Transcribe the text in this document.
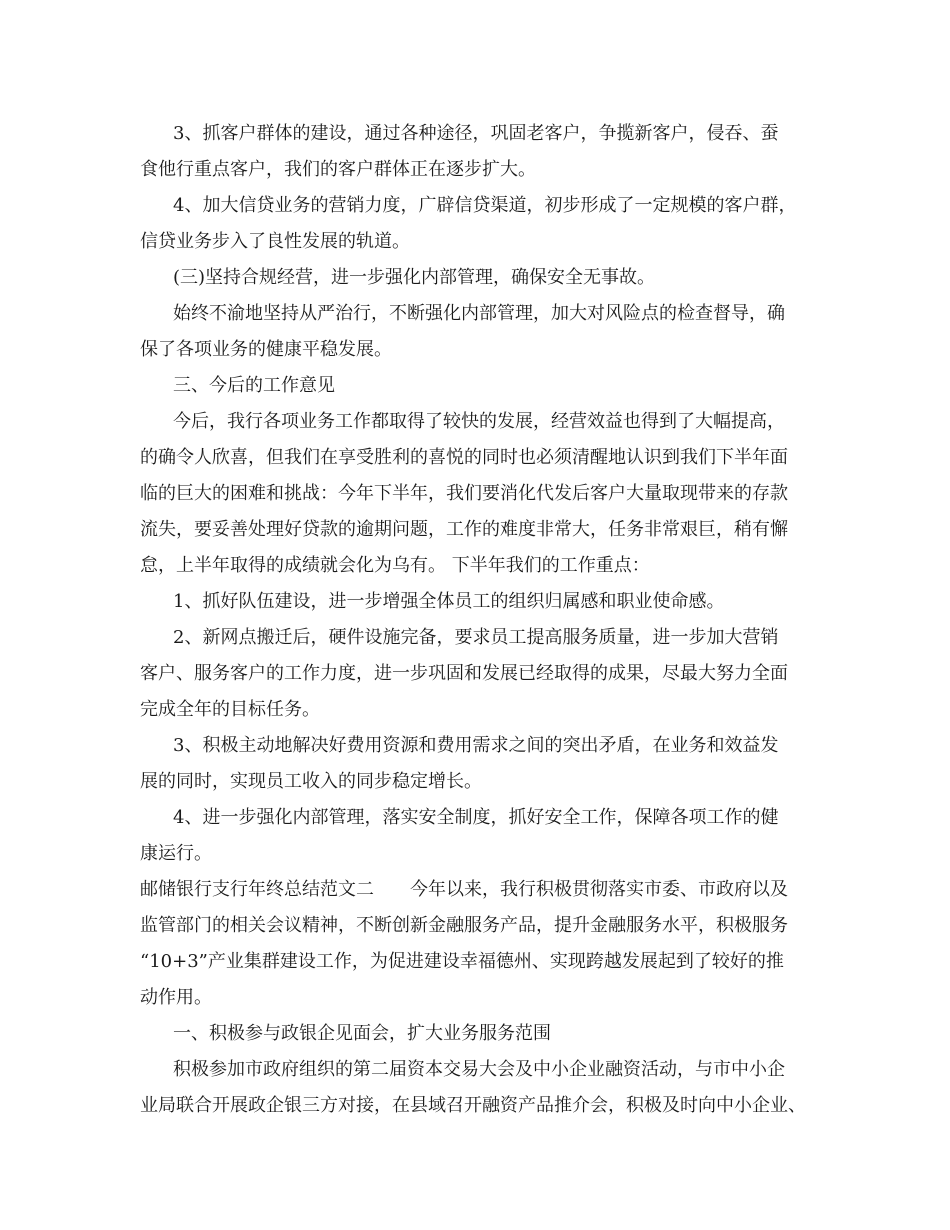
3、抓客户群体的建设，通过各种途径，巩固老客户，争揽新客户，侵吞、蚕
食他行重点客户，我们的客户群体正在逐步扩大。
4、加大信贷业务的营销力度，广辟信贷渠道，初步形成了一定规模的客户群，
信贷业务步入了良性发展的轨道。
(三)坚持合规经营，进一步强化内部管理，确保安全无事故。
始终不渝地坚持从严治行，不断强化内部管理，加大对风险点的检查督导，确
保了各项业务的健康平稳发展。
三、今后的工作意见
今后，我行各项业务工作都取得了较快的发展，经营效益也得到了大幅提高，
的确令人欣喜，但我们在享受胜利的喜悦的同时也必须清醒地认识到我们下半年面
临的巨大的困难和挑战：今年下半年，我们要消化代发后客户大量取现带来的存款
流失，要妥善处理好贷款的逾期问题，工作的难度非常大，任务非常艰巨，稍有懈
怠，上半年取得的成绩就会化为乌有。 下半年我们的工作重点：
1、抓好队伍建设，进一步增强全体员工的组织归属感和职业使命感。
2、新网点搬迁后，硬件设施完备，要求员工提高服务质量，进一步加大营销
客户、服务客户的工作力度，进一步巩固和发展已经取得的成果，尽最大努力全面
完成全年的目标任务。
3、积极主动地解决好费用资源和费用需求之间的突出矛盾，在业务和效益发
展的同时，实现员工收入的同步稳定增长。
4、进一步强化内部管理，落实安全制度，抓好安全工作，保障各项工作的健
康运行。
邮储银行支行年终总结范文二　　今年以来，我行积极贯彻落实市委、市政府以及
监管部门的相关会议精神，不断创新金融服务产品，提升金融服务水平，积极服务
“10+3”产业集群建设工作，为促进建设幸福德州、实现跨越发展起到了较好的推
动作用。
一、积极参与政银企见面会，扩大业务服务范围
积极参加市政府组织的第二届资本交易大会及中小企业融资活动，与市中小企
业局联合开展政企银三方对接，在县域召开融资产品推介会，积极及时向中小企业、
